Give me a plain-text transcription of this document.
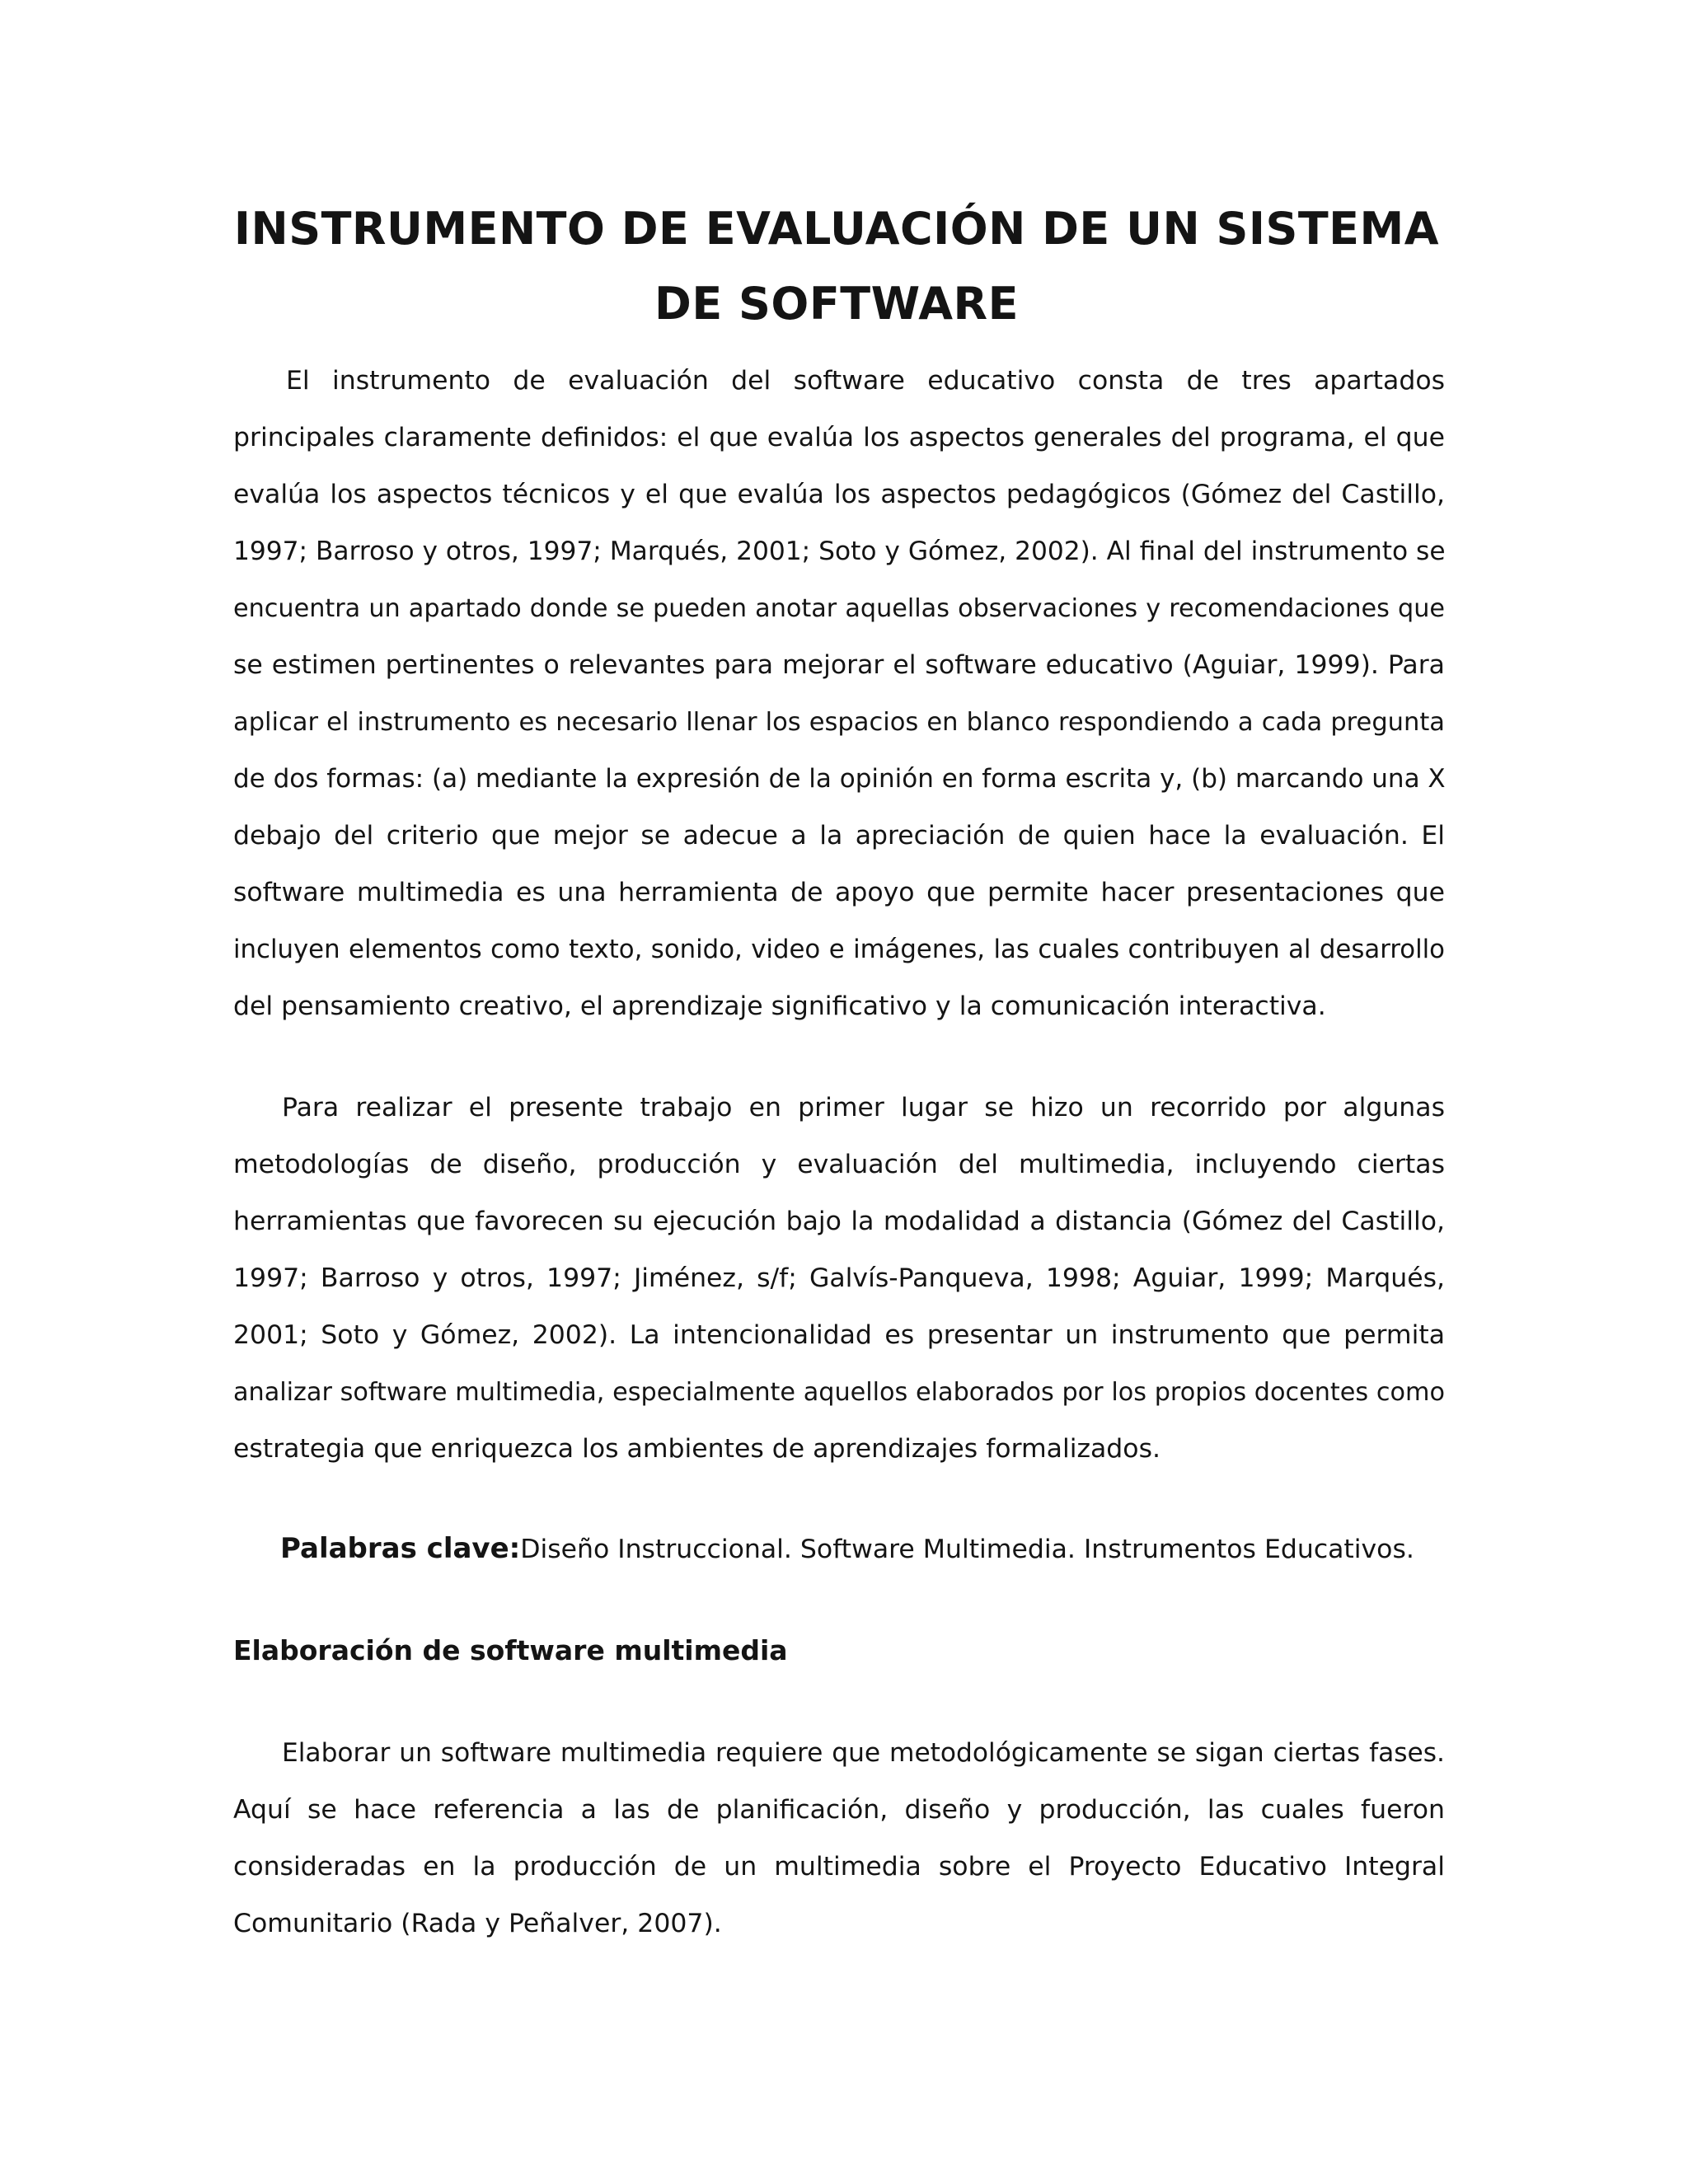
INSTRUMENTO DE EVALUACIÓN DE UN SISTEMA
DE SOFTWARE

El instrumento de evaluación del software educativo consta de tres apartados
principales claramente definidos: el que evalúa los aspectos generales del programa, el que
evalúa los aspectos técnicos y el que evalúa los aspectos pedagógicos (Gómez del Castillo,
1997; Barroso y otros, 1997; Marqués, 2001; Soto y Gómez, 2002). Al final del instrumento se
encuentra un apartado donde se pueden anotar aquellas observaciones y recomendaciones que
se estimen pertinentes o relevantes para mejorar el software educativo (Aguiar, 1999). Para
aplicar el instrumento es necesario llenar los espacios en blanco respondiendo a cada pregunta
de dos formas: (a) mediante la expresión de la opinión en forma escrita y, (b) marcando una X
debajo del criterio que mejor se adecue a la apreciación de quien hace la evaluación. El
software multimedia es una herramienta de apoyo que permite hacer presentaciones que
incluyen elementos como texto, sonido, video e imágenes, las cuales contribuyen al desarrollo
del pensamiento creativo, el aprendizaje significativo y la comunicación interactiva.

Para realizar el presente trabajo en primer lugar se hizo un recorrido por algunas
metodologías de diseño, producción y evaluación del multimedia, incluyendo ciertas
herramientas que favorecen su ejecución bajo la modalidad a distancia (Gómez del Castillo,
1997; Barroso y otros, 1997; Jiménez, s/f; Galvís-Panqueva, 1998; Aguiar, 1999; Marqués,
2001; Soto y Gómez, 2002). La intencionalidad es presentar un instrumento que permita
analizar software multimedia, especialmente aquellos elaborados por los propios docentes como
estrategia que enriquezca los ambientes de aprendizajes formalizados.

Palabras clave:Diseño Instruccional. Software Multimedia. Instrumentos Educativos.

Elaboración de software multimedia

Elaborar un software multimedia requiere que metodológicamente se sigan ciertas fases.
Aquí se hace referencia a las de planificación, diseño y producción, las cuales fueron
consideradas en la producción de un multimedia sobre el Proyecto Educativo Integral
Comunitario (Rada y Peñalver, 2007).
